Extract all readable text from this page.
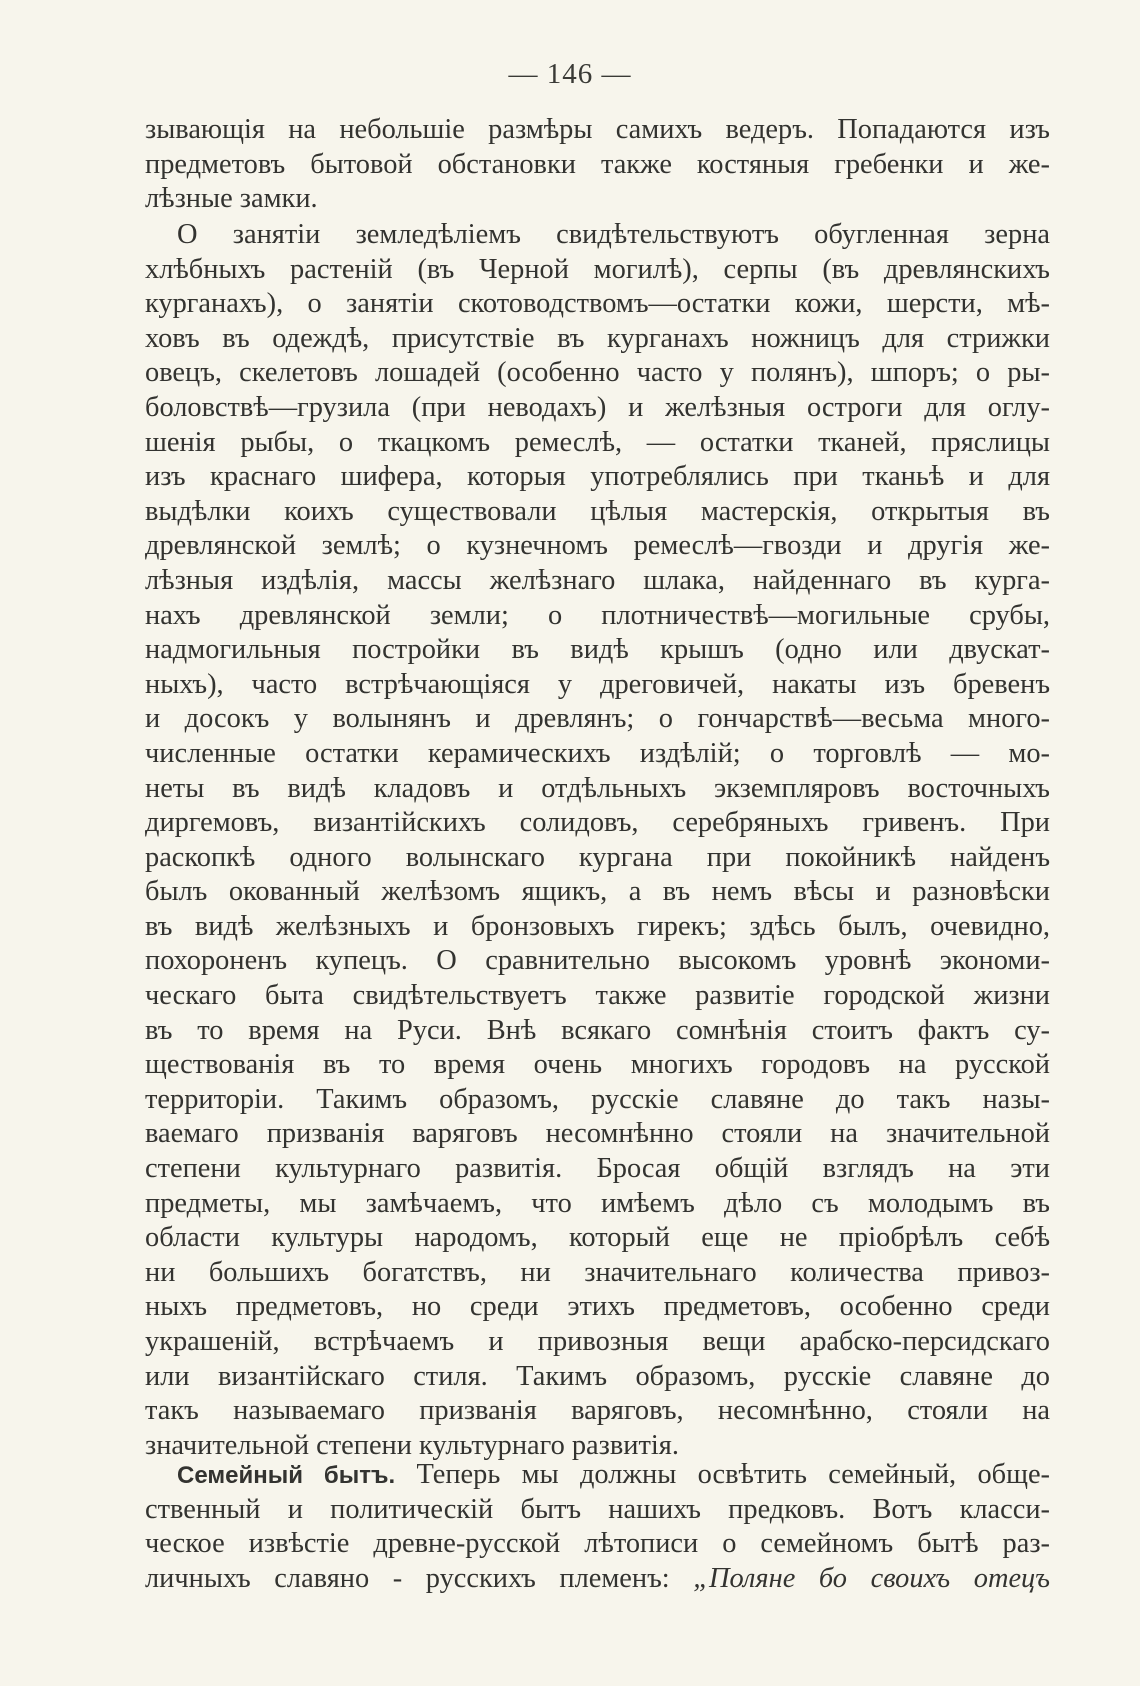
— 146 —
зывающія на небольшіе размѣры самихъ ведеръ. Попадаются изъ
предметовъ бытовой обстановки также костяныя гребенки и же-
лѣзные замки.
О занятіи земледѣліемъ свидѣтельствуютъ обугленная зерна
хлѣбныхъ растеній (въ Черной могилѣ), серпы (въ древлянскихъ
курганахъ), о занятіи скотоводствомъ—остатки кожи, шерсти, мѣ-
ховъ въ одеждѣ, присутствіе въ курганахъ ножницъ для стрижки
овецъ, скелетовъ лошадей (особенно часто у полянъ), шпоръ; о ры-
боловствѣ—грузила (при неводахъ) и желѣзныя остроги для оглу-
шенія рыбы, о ткацкомъ ремеслѣ, — остатки тканей, пряслицы
изъ краснаго шифера, которыя употреблялись при тканьѣ и для
выдѣлки коихъ существовали цѣлыя мастерскія, открытыя въ
древлянской землѣ; о кузнечномъ ремеслѣ—гвозди и другія же-
лѣзныя издѣлія, массы желѣзнаго шлака, найденнаго въ курга-
нахъ древлянской земли; о плотничествѣ—могильные срубы,
надмогильныя постройки въ видѣ крышъ (одно или двускат-
ныхъ), часто встрѣчающіяся у дреговичей, накаты изъ бревенъ
и досокъ у волынянъ и древлянъ; о гончарствѣ—весьма много-
численные остатки керамическихъ издѣлій; о торговлѣ — мо-
неты въ видѣ кладовъ и отдѣльныхъ экземпляровъ восточныхъ
диргемовъ, византійскихъ солидовъ, серебряныхъ гривенъ. При
раскопкѣ одного волынскаго кургана при покойникѣ найденъ
былъ окованный желѣзомъ ящикъ, а въ немъ вѣсы и разновѣски
въ видѣ желѣзныхъ и бронзовыхъ гирекъ; здѣсь былъ, очевидно,
похороненъ купецъ. О сравнительно высокомъ уровнѣ экономи-
ческаго быта свидѣтельствуетъ также развитіе городской жизни
въ то время на Руси. Внѣ всякаго сомнѣнія стоитъ фактъ су-
ществованія въ то время очень многихъ городовъ на русской
территоріи. Такимъ образомъ, русскіе славяне до такъ назы-
ваемаго призванія варяговъ несомнѣнно стояли на значительной
степени культурнаго развитія. Бросая общій взглядъ на эти
предметы, мы замѣчаемъ, что имѣемъ дѣло съ молодымъ въ
области культуры народомъ, который еще не пріобрѣлъ себѣ
ни большихъ богатствъ, ни значительнаго количества привоз-
ныхъ предметовъ, но среди этихъ предметовъ, особенно среди
украшеній, встрѣчаемъ и привозныя вещи арабско-персидскаго
или византійскаго стиля. Такимъ образомъ, русскіе славяне до
такъ называемаго призванія варяговъ, несомнѣнно, стояли на
значительной степени культурнаго развитія.
Семейный бытъ. Теперь мы должны освѣтить семейный, обще-
ственный и политическій бытъ нашихъ предковъ. Вотъ класси-
ческое извѣстіе древне-русской лѣтописи о семейномъ бытѣ раз-
личныхъ славяно - русскихъ племенъ: „Поляне бо своихъ отецъ
